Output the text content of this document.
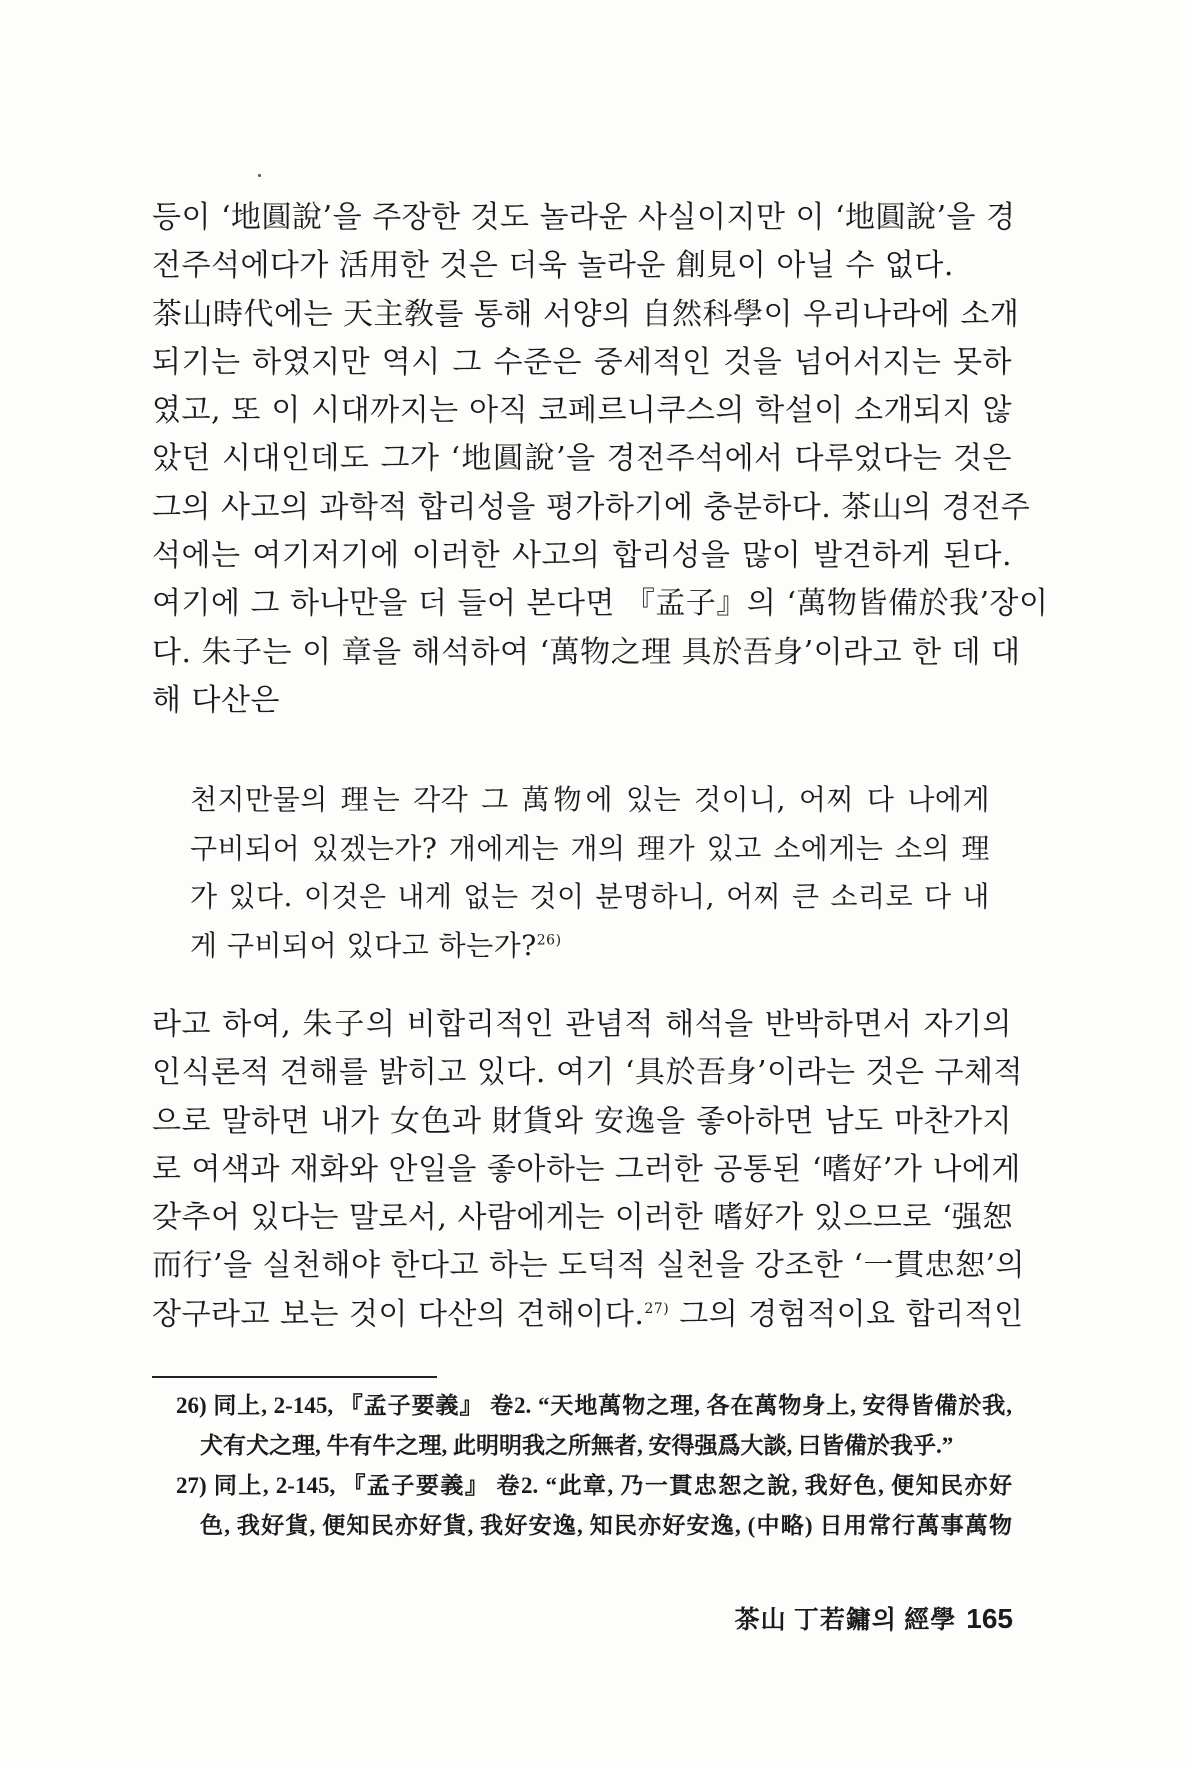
등이 ‘地圓說’을 주장한 것도 놀라운 사실이지만 이 ‘地圓說’을 경
전주석에다가 活用한 것은 더욱 놀라운 創見이 아닐 수 없다.
茶山時代에는 天主敎를 통해 서양의 自然科學이 우리나라에 소개
되기는 하였지만 역시 그 수준은 중세적인 것을 넘어서지는 못하
였고, 또 이 시대까지는 아직 코페르니쿠스의 학설이 소개되지 않
았던 시대인데도 그가 ‘地圓說’을 경전주석에서 다루었다는 것은
그의 사고의 과학적 합리성을 평가하기에 충분하다. 茶山의 경전주
석에는 여기저기에 이러한 사고의 합리성을 많이 발견하게 된다.
여기에 그 하나만을 더 들어 본다면 『孟子』의 ‘萬物皆備於我’장이
다. 朱子는 이 章을 해석하여 ‘萬物之理 具於吾身’이라고 한 데 대
해 다산은
천지만물의 理는 각각 그 萬物에 있는 것이니, 어찌 다 나에게
구비되어 있겠는가? 개에게는 개의 理가 있고 소에게는 소의 理
가 있다. 이것은 내게 없는 것이 분명하니, 어찌 큰 소리로 다 내
게 구비되어 있다고 하는가?$^{26)}$
라고 하여, 朱子의 비합리적인 관념적 해석을 반박하면서 자기의
인식론적 견해를 밝히고 있다. 여기 ‘具於吾身’이라는 것은 구체적
으로 말하면 내가 女色과 財貨와 安逸을 좋아하면 남도 마찬가지
로 여색과 재화와 안일을 좋아하는 그러한 공통된 ‘嗜好’가 나에게
갖추어 있다는 말로서, 사람에게는 이러한 嗜好가 있으므로 ‘强恕
而行’을 실천해야 한다고 하는 도덕적 실천을 강조한 ‘一貫忠恕’의
장구라고 보는 것이 다산의 견해이다.$^{27)}$ 그의 경험적이요 합리적인
26) 同上, 2-145, 『孟子要義』 卷2. “天地萬物之理, 各在萬物身上, 安得皆備於我,
犬有犬之理, 牛有牛之理, 此明明我之所無者, 安得强爲大談, 曰皆備於我乎.”
27) 同上, 2-145, 『孟子要義』 卷2. “此章, 乃一貫忠恕之說, 我好色, 便知民亦好
色, 我好貨, 便知民亦好貨, 我好安逸, 知民亦好安逸, (中略) 日用常行萬事萬物
茶山 丁若鏞의 經學 165
